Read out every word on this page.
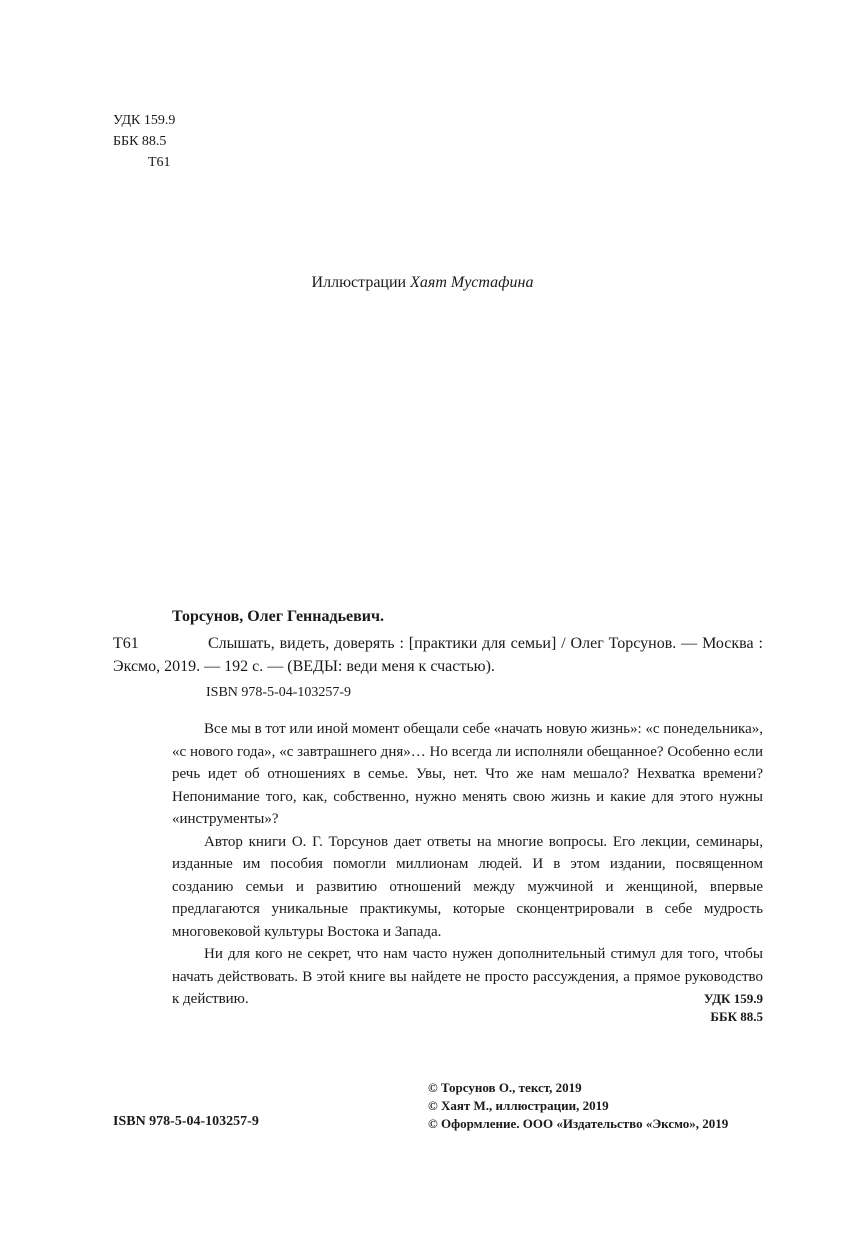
УДК 159.9
ББК 88.5
Т61
Иллюстрации Хаят Мустафина
Торсунов, Олег Геннадьевич.
Т61	Слышать, видеть, доверять : [практики для семьи] / Олег Торсунов. — Москва : Эксмо, 2019. — 192 с. — (ВЕДЫ: веди меня к счастью).

ISBN 978-5-04-103257-9

Все мы в тот или иной момент обещали себе «начать новую жизнь»: «с понедельника», «с нового года», «с завтрашнего дня»… Но всегда ли исполняли обещанное? Особенно если речь идет об отношениях в семье. Увы, нет. Что же нам мешало? Нехватка времени? Непонимание того, как, собственно, нужно менять свою жизнь и какие для этого нужны «инструменты»?

Автор книги О. Г. Торсунов дает ответы на многие вопросы. Его лекции, семинары, изданные им пособия помогли миллионам людей. И в этом издании, посвященном созданию семьи и развитию отношений между мужчиной и женщиной, впервые предлагаются уникальные практикумы, которые сконцентрировали в себе мудрость многовековой культуры Востока и Запада.

Ни для кого не секрет, что нам часто нужен дополнительный стимул для того, чтобы начать действовать. В этой книге вы найдете не просто рассуждения, а прямое руководство к действию.	УДК 159.9
ББК 88.5
ISBN 978-5-04-103257-9
© Торсунов О., текст, 2019
© Хаят М., иллюстрации, 2019
© Оформление. ООО «Издательство «Эксмо», 2019
